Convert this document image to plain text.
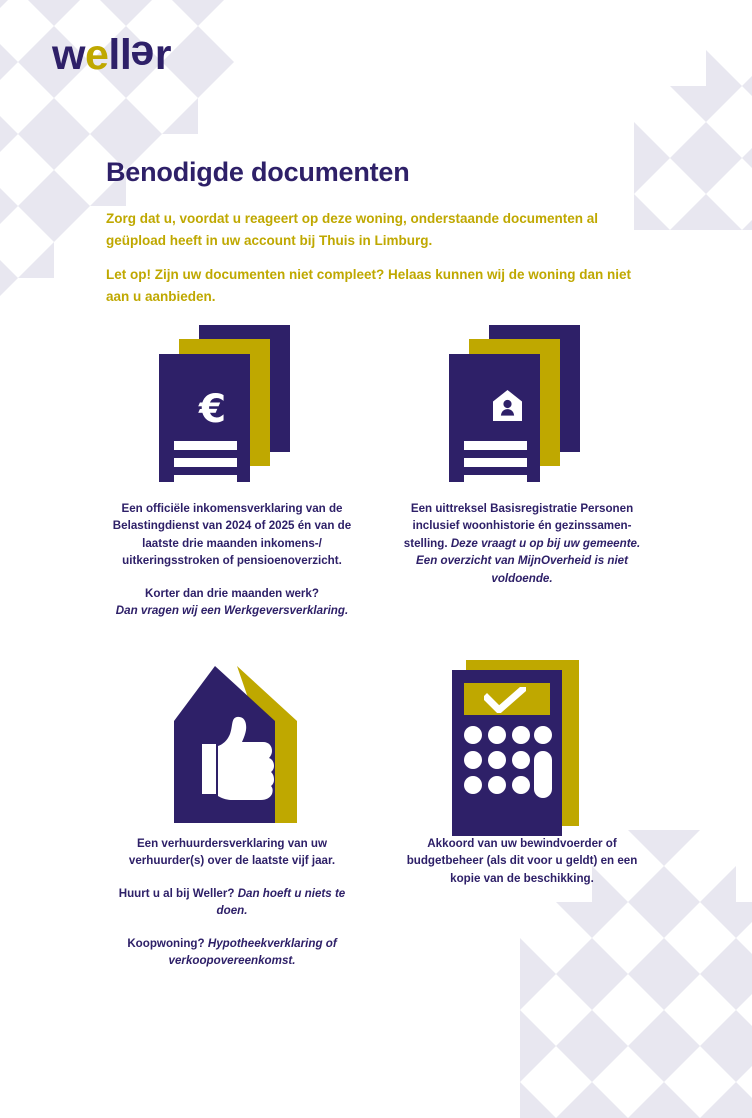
weller
Benodigde documenten
Zorg dat u, voordat u reageert op deze woning, onderstaande documenten al geüpload heeft in uw account bij Thuis in Limburg.
Let op! Zijn uw documenten niet compleet? Helaas kunnen wij de woning dan niet aan u aanbieden.
€
Een officiële inkomensverklaring van de Belastingdienst van 2024 of 2025 én van de laatste drie maanden inkomens-/ uitkeringsstroken of pensioenoverzicht.
Korter dan drie maanden werk?
Dan vragen wij een Werkgeversverklaring.
Een uittreksel Basisregistratie Personen inclusief woonhistorie én gezinssamen-stelling. Deze vraagt u op bij uw gemeente. Een overzicht van MijnOverheid is niet voldoende.
Een verhuurdersverklaring van uw verhuurder(s) over de laatste vijf jaar.
Huurt u al bij Weller? Dan hoeft u niets te doen.
Koopwoning? Hypotheekverklaring of verkoopovereenkomst.
Akkoord van uw bewindvoerder of budgetbeheer (als dit voor u geldt) en een kopie van de beschikking.
